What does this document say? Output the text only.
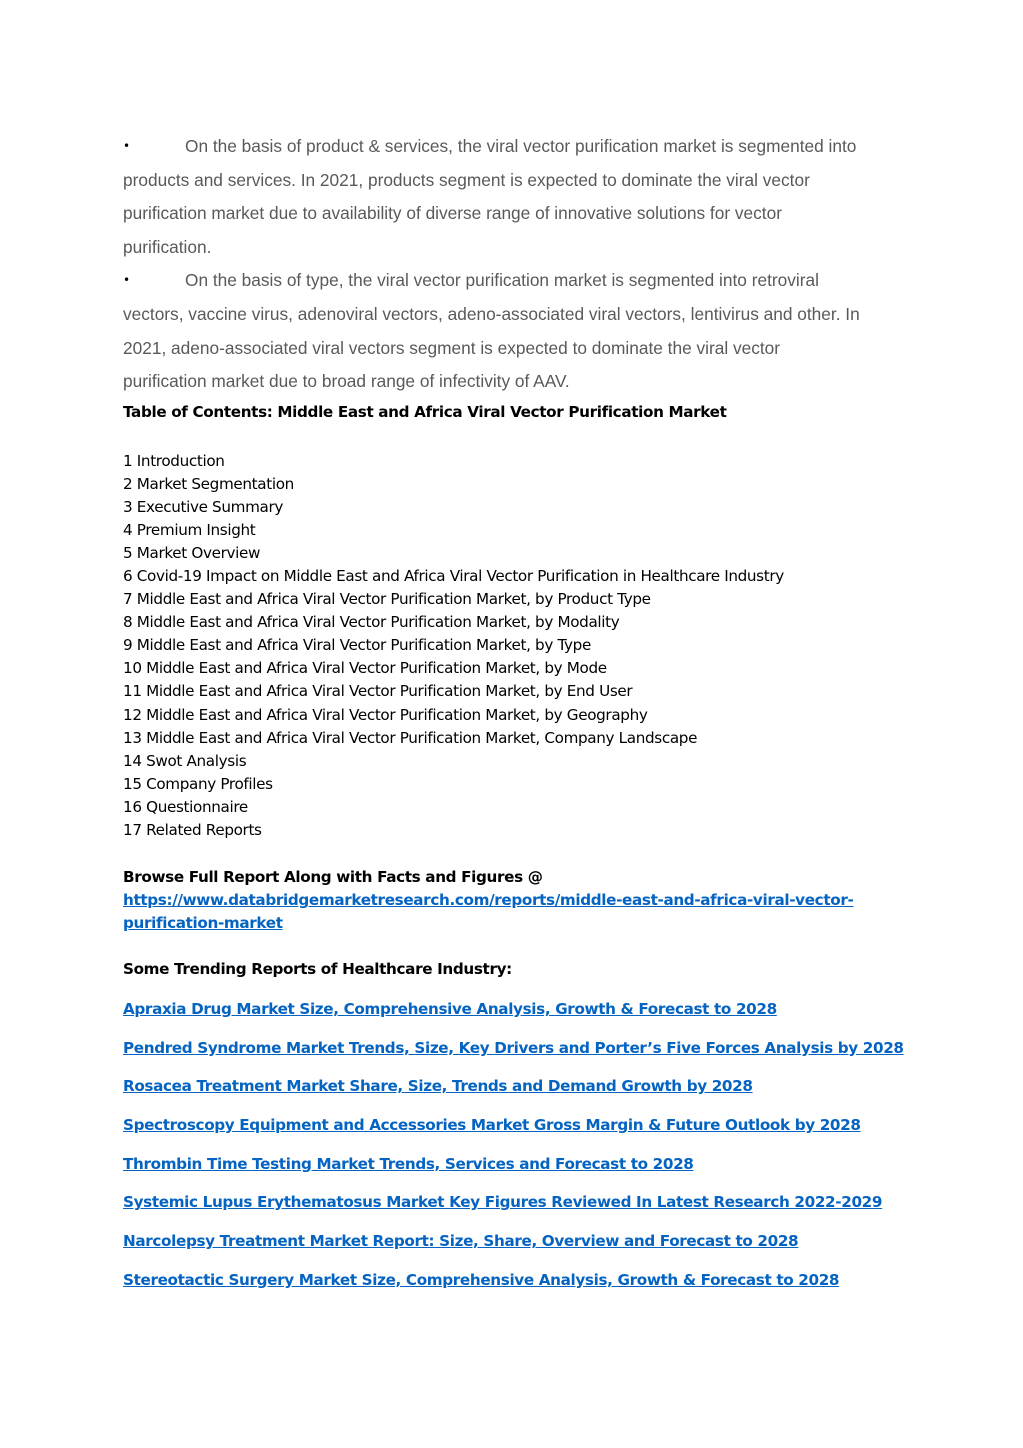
•	On the basis of product & services, the viral vector purification market is segmented into
products and services. In 2021, products segment is expected to dominate the viral vector
purification market due to availability of diverse range of innovative solutions for vector
purification.
•	On the basis of type, the viral vector purification market is segmented into retroviral
vectors, vaccine virus, adenoviral vectors, adeno-associated viral vectors, lentivirus and other. In
2021, adeno-associated viral vectors segment is expected to dominate the viral vector
purification market due to broad range of infectivity of AAV.
Table of Contents: Middle East and Africa Viral Vector Purification Market
1 Introduction
2 Market Segmentation
3 Executive Summary
4 Premium Insight
5 Market Overview
6 Covid-19 Impact on Middle East and Africa Viral Vector Purification in Healthcare Industry
7 Middle East and Africa Viral Vector Purification Market, by Product Type
8 Middle East and Africa Viral Vector Purification Market, by Modality
9 Middle East and Africa Viral Vector Purification Market, by Type
10 Middle East and Africa Viral Vector Purification Market, by Mode
11 Middle East and Africa Viral Vector Purification Market, by End User
12 Middle East and Africa Viral Vector Purification Market, by Geography
13 Middle East and Africa Viral Vector Purification Market, Company Landscape
14 Swot Analysis
15 Company Profiles
16 Questionnaire
17 Related Reports
Browse Full Report Along with Facts and Figures @
https://www.databridgemarketresearch.com/reports/middle-east-and-africa-viral-vector-
purification-market
Some Trending Reports of Healthcare Industry:
Apraxia Drug Market Size, Comprehensive Analysis, Growth & Forecast to 2028
Pendred Syndrome Market Trends, Size, Key Drivers and Porter’s Five Forces Analysis by 2028
Rosacea Treatment Market Share, Size, Trends and Demand Growth by 2028
Spectroscopy Equipment and Accessories Market Gross Margin & Future Outlook by 2028
Thrombin Time Testing Market Trends, Services and Forecast to 2028
Systemic Lupus Erythematosus Market Key Figures Reviewed In Latest Research 2022-2029
Narcolepsy Treatment Market Report: Size, Share, Overview and Forecast to 2028
Stereotactic Surgery Market Size, Comprehensive Analysis, Growth & Forecast to 2028
